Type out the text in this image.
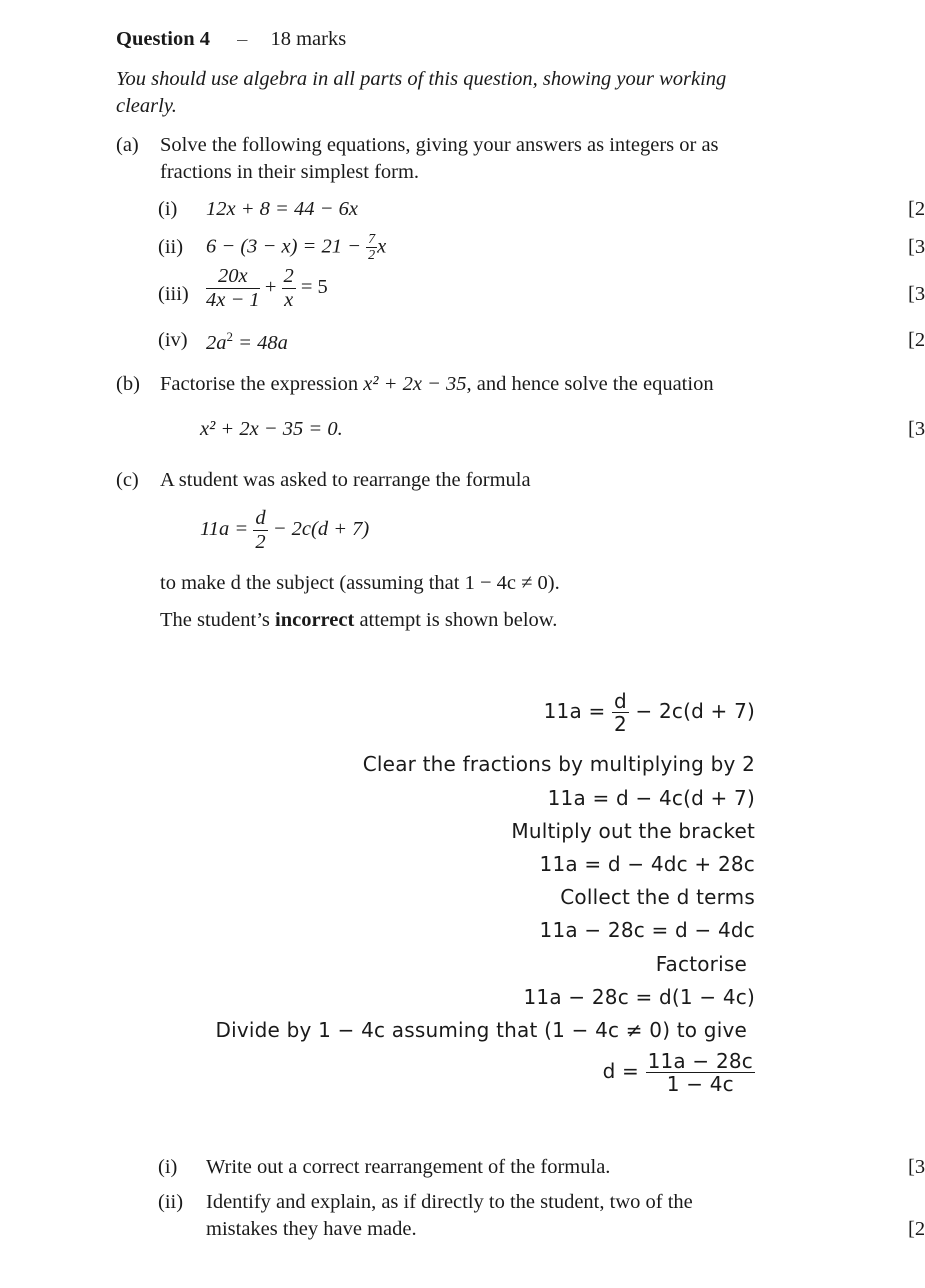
Question 4 – 18 marks
You should use algebra in all parts of this question, showing your working
clearly.
(a) Solve the following equations, giving your answers as integers or as
fractions in their simplest form.
(i) 12x + 8 = 44 − 6x	[2
(ii) $6 - (3 - x) = 21 - \frac{7}{2}$ x	[3
$(iii) \frac{20x}{4x - 1} + \frac{2}{x} = 5$	[3
(iv) $2a^2 = 48a$	[2
(b) Factorise the expression x² + 2x − 35, and hence solve the equation
x² + 2x − 35 = 0.	[3
(c) A student was asked to rearrange the formula
$11a = \frac{d}{2} - 2c(d + 7)$
to make d the subject (assuming that 1 − 4c ≠ 0).
The student’s incorrect attempt is shown below.
$11a = \frac{d}{2} - 2c(d + 7)$
Clear the fractions by multiplying by 2
11a = d − 4c(d + 7)
Multiply out the bracket
11a = d − 4dc + 28c
Collect the d terms
11a − 28c = d − 4dc
Factorise
11a − 28c = d(1 − 4c)
Divide by 1 − 4c assuming that (1 − 4c ≠ 0) to give
$d = \frac{11a - 28c}{1 - 4c}$
(i) Write out a correct rearrangement of the formula.	[3
(ii) Identify and explain, as if directly to the student, two of the
mistakes they have made.	[2
